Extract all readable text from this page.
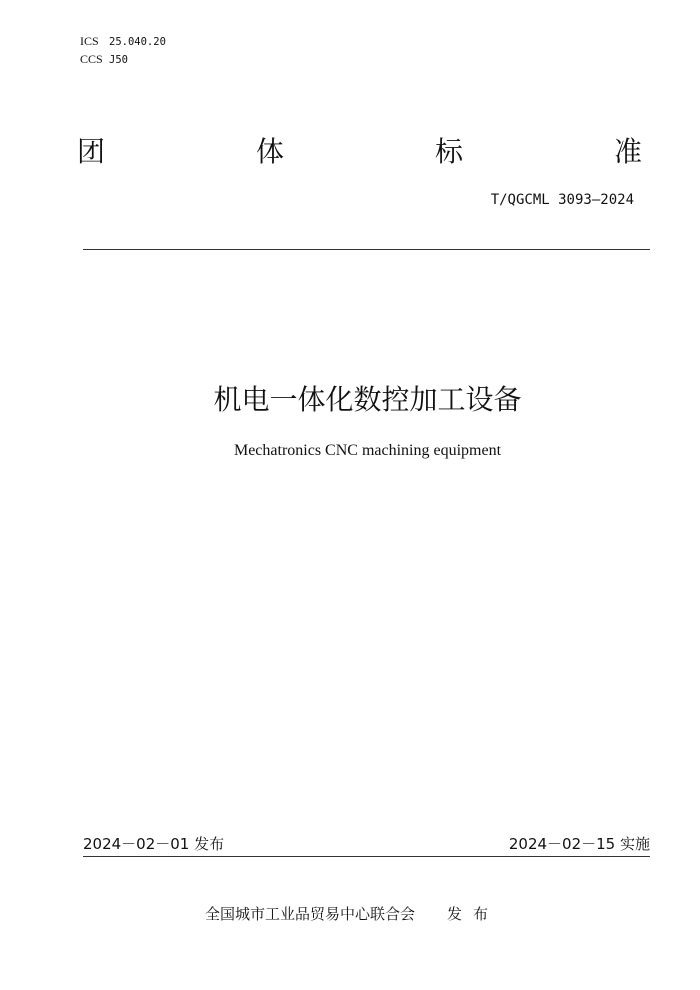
ICS 25.040.20
CCS J50
团	体	标	准
T/QGCML 3093—2024
机电一体化数控加工设备
Mechatronics CNC machining equipment
2024－02－01 发布	2024－02－15 实施
全国城市工业品贸易中心联合会 发布
